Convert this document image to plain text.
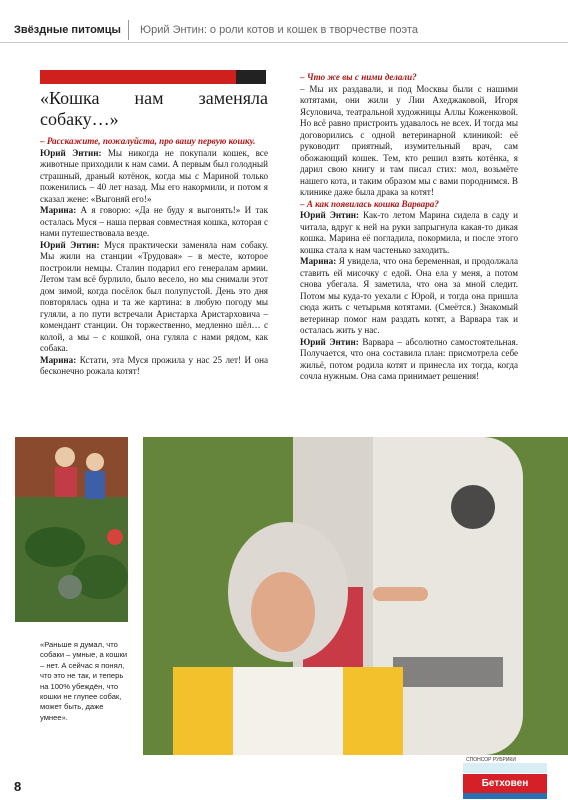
Звёздные питомцы Юрий Энтин: о роли котов и кошек в творчестве поэта
«Кошка нам заменяла собаку…»

– Расскажите, пожалуйста, про вашу первую кошку.

Юрий Энтин: Мы никогда не покупали кошек, все животные приходили к нам сами. А первым был голодный страшный, драный котёнок, когда мы с Мариной только поженились – 40 лет назад. Мы его накормили, и потом я сказал жене: «Выгоняй его!»

Марина: А я говорю: «Да не буду я выгонять!» И так осталась Муся – наша первая совместная кошка, которая с нами путешествовала везде.

Юрий Энтин: Муся практически заменяла нам собаку. Мы жили на станции «Трудовая» – в месте, которое построили немцы. Сталин подарил его генералам армии. Летом там всё бурлило, было весело, но мы снимали этот дом зимой, когда посёлок был полупустой. День это дня повторялась одна и та же картина: в любую погоду мы гуляли, а по пути встречали Аристарха Аристарховича – комендант станции. Он торжественно, медленно шёл… с колой, а мы – с кошкой, она гуляла с нами рядом, как собака.

Марина: Кстати, эта Муся прожила у нас 25 лет! И она бесконечно рожала котят!

– Что же вы с ними делали?

– Мы их раздавали, и под Москвы были с нашими котятами, они жили у Лии Ахеджаковой, Игоря Ясуловича, театральной художницы Аллы Коженковой. Но всё равно пристроить удавалось не всех. И тогда мы договорились с одной ветеринарной клиникой: её руководит приятный, изумительный врач, сам обожающий кошек. Тем, кто решил взять котёнка, я дарил свою книгу и там писал стих: мол, возьмёте нашего кота, и таким образом мы с вами породнимся. В клинике даже была драка за котят!

– А как появилась кошка Варвара?

Юрий Энтин: Как-то летом Марина сидела в саду и читала, вдруг к ней на руки запрыгнула какая-то дикая кошка. Марина её погладила, покормила, и после этого кошка стала к нам частенько заходить.

Марина: Я увидела, что она беременная, и продолжала ставить ей мисочку с едой. Она ела у меня, а потом снова убегала. Я заметила, что она за мной следит. Потом мы куда-то уехали с Юрой, и тогда она пришла сюда жить с четырьмя котятами. (Смеётся.) Знакомый ветеринар помог нам раздать котят, а Варвара так и осталась жить у нас.

Юрий Энтин: Варвара – абсолютно самостоятельная. Получается, что она составила план: присмотрела себе жильё, потом родила котят и принесла их тогда, когда сочла нужным. Она сама принимает решения!

«Раньше я думал, что собаки – умные, а кошки – нет. А сейчас я понял, что это не так, и теперь на 100% убеждён, что кошки не глупее собак, может быть, даже умнее».
8
СПОНСОР РУБРИКИ
Бетховен
